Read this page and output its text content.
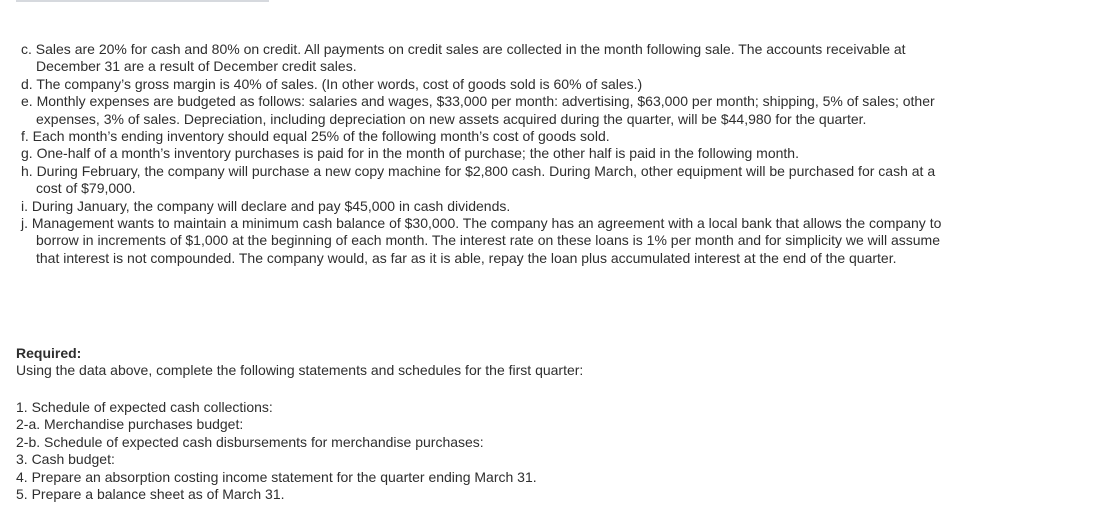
c. Sales are 20% for cash and 80% on credit. All payments on credit sales are collected in the month following sale. The accounts receivable at December 31 are a result of December credit sales.
d. The company’s gross margin is 40% of sales. (In other words, cost of goods sold is 60% of sales.)
e. Monthly expenses are budgeted as follows: salaries and wages, $33,000 per month: advertising, $63,000 per month; shipping, 5% of sales; other expenses, 3% of sales. Depreciation, including depreciation on new assets acquired during the quarter, will be $44,980 for the quarter.
f. Each month’s ending inventory should equal 25% of the following month’s cost of goods sold.
g. One-half of a month’s inventory purchases is paid for in the month of purchase; the other half is paid in the following month.
h. During February, the company will purchase a new copy machine for $2,800 cash. During March, other equipment will be purchased for cash at a cost of $79,000.
i. During January, the company will declare and pay $45,000 in cash dividends.
j. Management wants to maintain a minimum cash balance of $30,000. The company has an agreement with a local bank that allows the company to borrow in increments of $1,000 at the beginning of each month. The interest rate on these loans is 1% per month and for simplicity we will assume that interest is not compounded. The company would, as far as it is able, repay the loan plus accumulated interest at the end of the quarter.

Required:

Using the data above, complete the following statements and schedules for the first quarter:

1. Schedule of expected cash collections:
2-a. Merchandise purchases budget:
2-b. Schedule of expected cash disbursements for merchandise purchases:
3. Cash budget:
4. Prepare an absorption costing income statement for the quarter ending March 31.
5. Prepare a balance sheet as of March 31.
